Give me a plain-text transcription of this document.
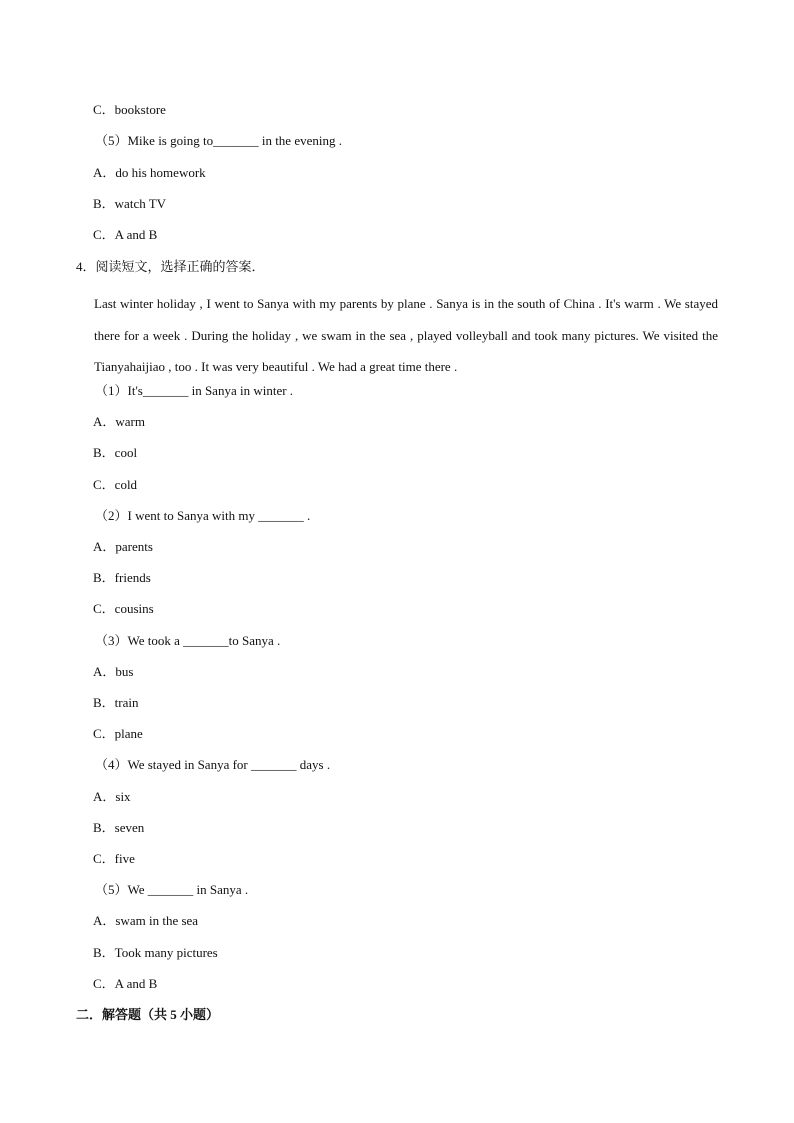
C．bookstore
（5）Mike is going to_______ in the evening .
A．do his homework
B．watch TV
C．A and B
4．阅读短文，选择正确的答案．
Last winter holiday , I went to Sanya with my parents by plane . Sanya is in the south of China . It's warm . We stayed there for a week . During the holiday , we swam in the sea , played volleyball and took many pictures. We visited the Tianyahaijiao , too . It was very beautiful . We had a great time there .
（1）It's_______ in Sanya in winter .
A．warm
B．cool
C．cold
（2）I went to Sanya with my _______ .
A．parents
B．friends
C．cousins
（3）We took a _______to Sanya .
A．bus
B．train
C．plane
（4）We stayed in Sanya for _______ days .
A．six
B．seven
C．five
（5）We _______ in Sanya .
A．swam in the sea
B．Took many pictures
C．A and B
二．解答题（共 5 小题）
